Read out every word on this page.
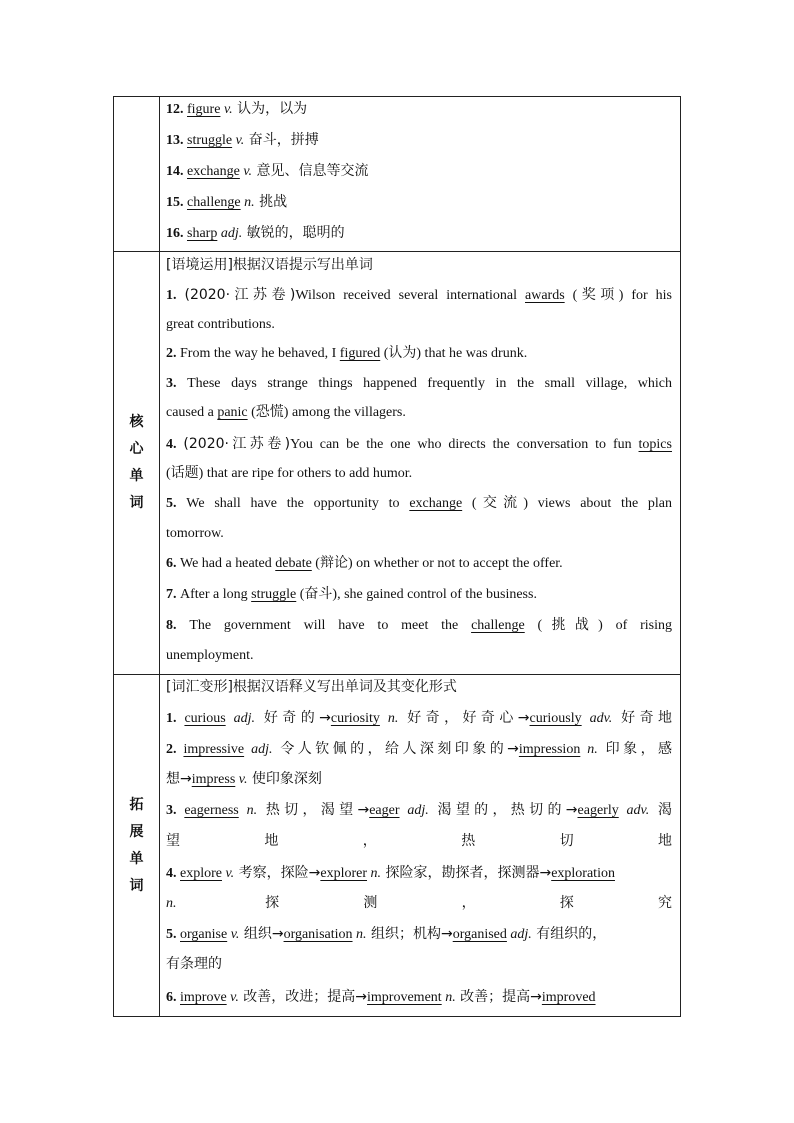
12. figure v. 认为，以为
13. struggle v. 奋斗，拼搏
14. exchange v. 意见、信息等交流
15. challenge n. 挑战
16. sharp adj. 敏锐的，聪明的
核心单词
[语境运用]根据汉语提示写出单词
1. (2020·江苏卷)Wilson received several international awards (奖项) for his
great contributions.
2. From the way he behaved, I figured (认为) that he was drunk.
3. These days strange things happened frequently in the small village, which
caused a panic (恐慌) among the villagers.
4. (2020·江苏卷)You can be the one who directs the conversation to fun topics
(话题) that are ripe for others to add humor.
5. We shall have the opportunity to exchange (交流) views about the plan
tomorrow.
6. We had a heated debate (辩论) on whether or not to accept the offer.
7. After a long struggle (奋斗), she gained control of the business.
8. The government will have to meet the challenge (挑战) of rising
unemployment.
拓展单词
[词汇变形]根据汉语释义写出单词及其变化形式
1. curious adj. 好奇的→curiosity n. 好奇，好奇心→curiously adv. 好奇地
2. impressive adj. 令人钦佩的，给人深刻印象的→impression n. 印象，感
想→impress v. 使印象深刻
3. eagerness n. 热切，渴望→eager adj. 渴望的，热切的→eagerly adv. 渴
望地，热切地
4. explore v. 考察，探险→explorer n. 探险家，勘探者，探测器→exploration
n. 探测，探究
5. organise v. 组织→organisation n. 组织；机构→organised adj. 有组织的，
有条理的
6. improve v. 改善，改进；提高→improvement n. 改善；提高→improved
